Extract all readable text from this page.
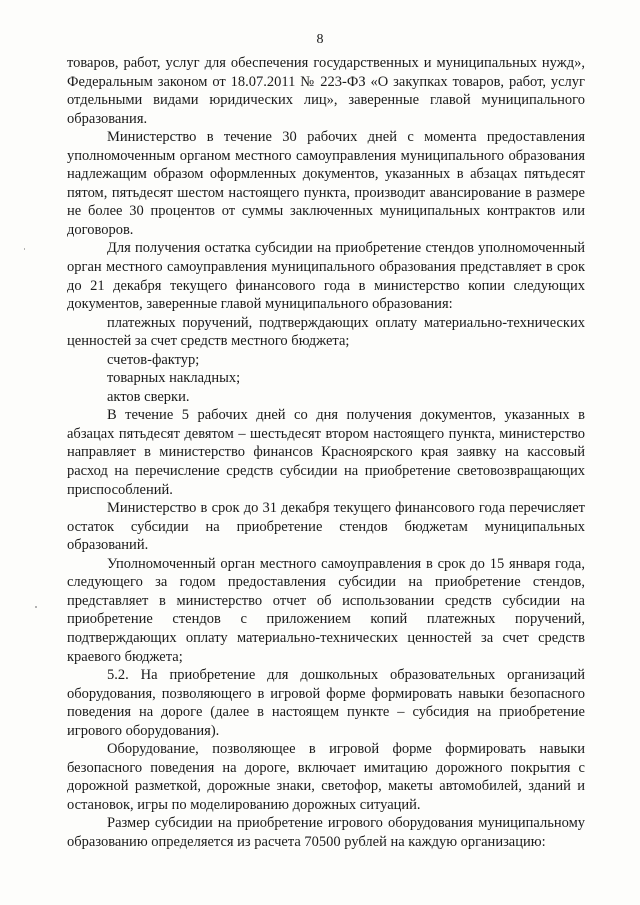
8

товаров, работ, услуг для обеспечения государственных и муниципальных нужд», Федеральным законом от 18.07.2011 № 223-ФЗ «О закупках товаров, работ, услуг отдельными видами юридических лиц», заверенные главой муниципального образования.

Министерство в течение 30 рабочих дней с момента предоставления уполномоченным органом местного самоуправления муниципального образования надлежащим образом оформленных документов, указанных в абзацах пятьдесят пятом, пятьдесят шестом настоящего пункта, производит авансирование в размере не более 30 процентов от суммы заключенных муниципальных контрактов или договоров.

Для получения остатка субсидии на приобретение стендов уполномоченный орган местного самоуправления муниципального образования представляет в срок до 21 декабря текущего финансового года в министерство копии следующих документов, заверенные главой муниципального образования:

платежных поручений, подтверждающих оплату материально-технических ценностей за счет средств местного бюджета;

счетов-фактур;

товарных накладных;

актов сверки.

В течение 5 рабочих дней со дня получения документов, указанных в абзацах пятьдесят девятом – шестьдесят втором настоящего пункта, министерство направляет в министерство финансов Красноярского края заявку на кассовый расход на перечисление средств субсидии на приобретение световозвращающих приспособлений.

Министерство в срок до 31 декабря текущего финансового года перечисляет остаток субсидии на приобретение стендов бюджетам муниципальных образований.

Уполномоченный орган местного самоуправления в срок до 15 января года, следующего за годом предоставления субсидии на приобретение стендов, представляет в министерство отчет об использовании средств субсидии на приобретение стендов с приложением копий платежных поручений, подтверждающих оплату материально-технических ценностей за счет средств краевого бюджета;

5.2. На приобретение для дошкольных образовательных организаций оборудования, позволяющего в игровой форме формировать навыки безопасного поведения на дороге (далее в настоящем пункте – субсидия на приобретение игрового оборудования).

Оборудование, позволяющее в игровой форме формировать навыки безопасного поведения на дороге, включает имитацию дорожного покрытия с дорожной разметкой, дорожные знаки, светофор, макеты автомобилей, зданий и остановок, игры по моделированию дорожных ситуаций.

Размер субсидии на приобретение игрового оборудования муниципальному образованию определяется из расчета 70500 рублей на каждую организацию:
